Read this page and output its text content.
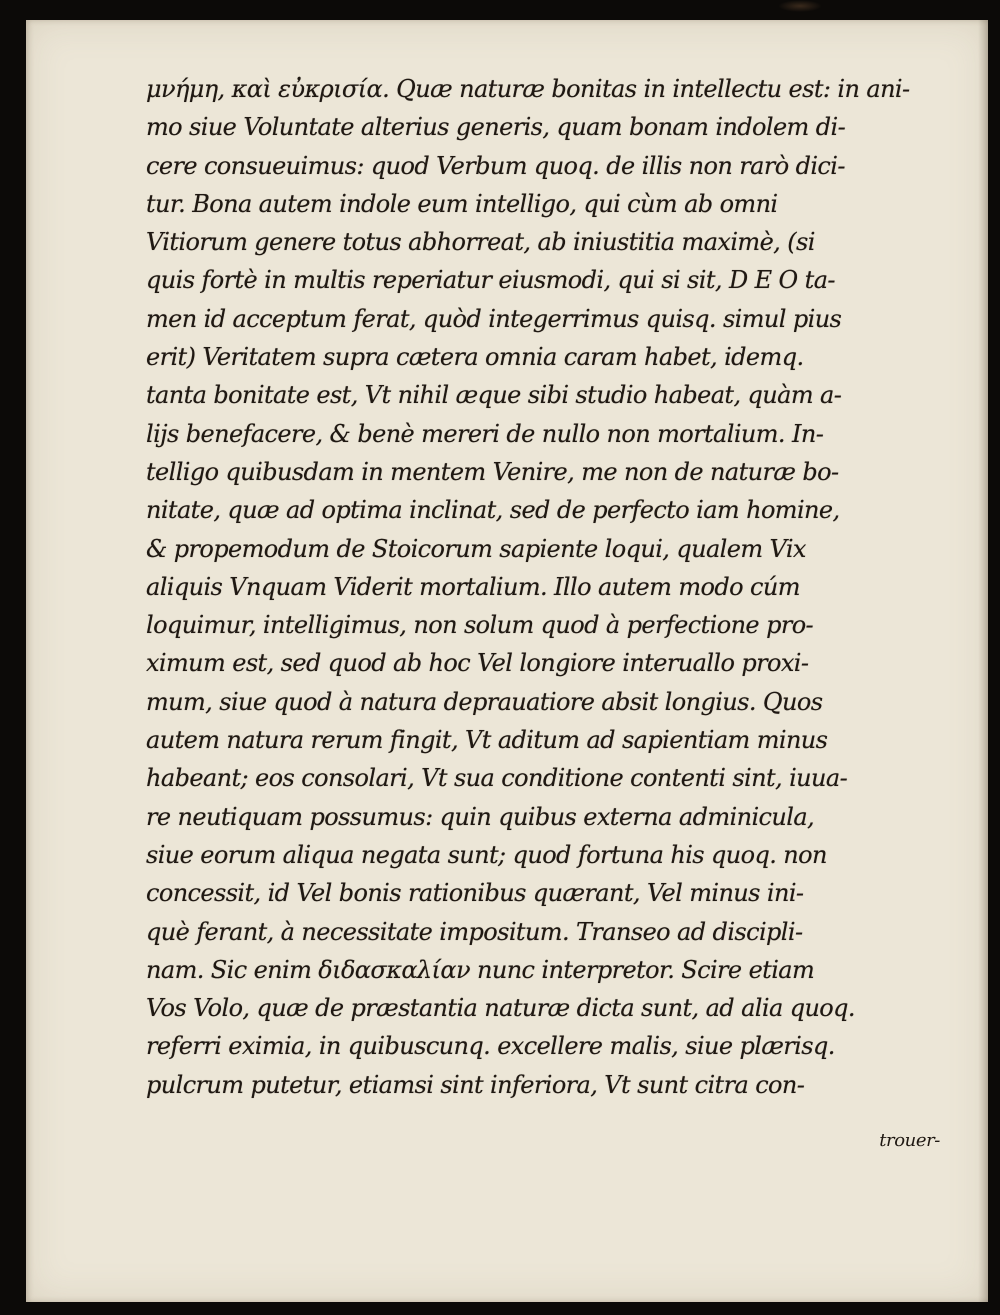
μνήμη, καὶ εὐκρισία. Quæ naturæ bonitas in intellectu est: in ani-
mo siue Voluntate alterius generis, quam bonam indolem di-
cere consueuimus: quod Verbum quoq. de illis non rarò dici-
tur. Bona autem indole eum intelligo, qui cùm ab omni
Vitiorum genere totus abhorreat, ab iniustitia maximè, (si
quis fortè in multis reperiatur eiusmodi, qui si sit, D E O ta-
men id acceptum ferat, quòd integerrimus quisq. simul pius
erit) Veritatem supra cætera omnia caram habet, idemq.
tanta bonitate est, Vt nihil æque sibi studio habeat, quàm a-
lijs benefacere, & benè mereri de nullo non mortalium. In-
telligo quibusdam in mentem Venire, me non de naturæ bo-
nitate, quæ ad optima inclinat, sed de perfecto iam homine,
& propemodum de Stoicorum sapiente loqui, qualem Vix
aliquis Vnquam Viderit mortalium. Illo autem modo cúm
loquimur, intelligimus, non solum quod à perfectione pro-
ximum est, sed quod ab hoc Vel longiore interuallo proxi-
mum, siue quod à natura deprauatiore absit longius. Quos
autem natura rerum fingit, Vt aditum ad sapientiam minus
habeant; eos consolari, Vt sua conditione contenti sint, iuua-
re neutiquam possumus: quin quibus externa adminicula,
siue eorum aliqua negata sunt; quod fortuna his quoq. non
concessit, id Vel bonis rationibus quærant, Vel minus ini-
què ferant, à necessitate impositum. Transeo ad discipli-
nam. Sic enim διδασκαλίαν nunc interpretor. Scire etiam
Vos Volo, quæ de præstantia naturæ dicta sunt, ad alia quoq.
referri eximia, in quibuscunq. excellere malis, siue plærisq.
pulcrum putetur, etiamsi sint inferiora, Vt sunt citra con-
trouer-
